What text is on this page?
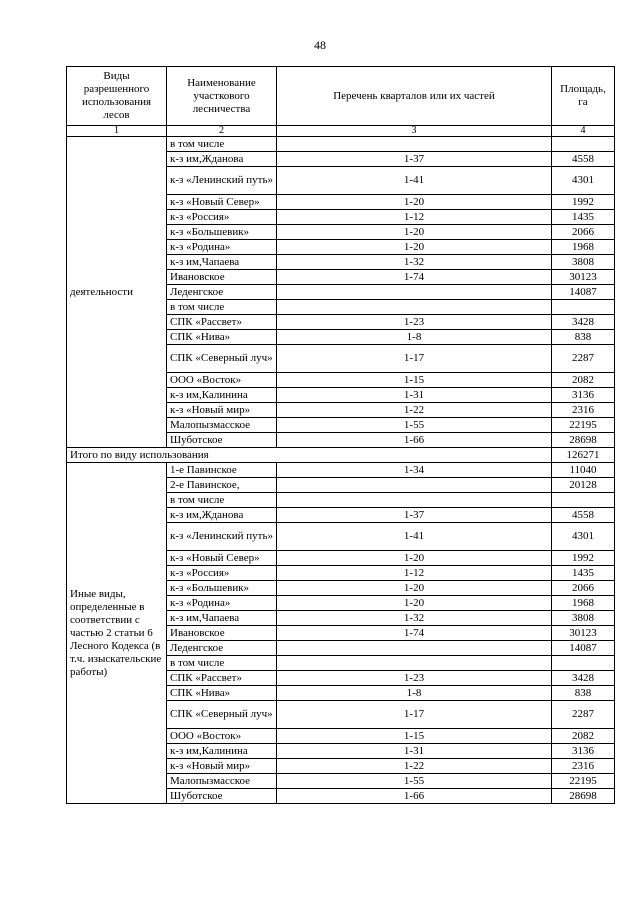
48
Виды разрешенного использования лесов	Наименование участкового лесничества	Перечень кварталов или их частей	Площадь, га
1	2	3	4
деятельности	в том числе		
	к-з им,Жданова	1-37	4558
	к-з «Ленинский путь»	1-41	4301
	к-з «Новый Север»	1-20	1992
	к-з «Россия»	1-12	1435
	к-з «Большевик»	1-20	2066
	к-з «Родина»	1-20	1968
	к-з им,Чапаева	1-32	3808
	Ивановское	1-74	30123
	Леденгское		14087
	в том числе		
	СПК «Рассвет»	1-23	3428
	СПК «Нива»	1-8	838
	СПК «Северный луч»	1-17	2287
	ООО «Восток»	1-15	2082
	к-з им,Калинина	1-31	3136
	к-з «Новый мир»	1-22	2316
	Малопызмасское	1-55	22195
	Шуботское	1-66	28698
Итого по виду использования			126271
Иные виды, определенные в соответствии с частью 2 статьи 6 Лесного Кодекса (в т.ч. изыскательские работы)	1-е Павинское	1-34	11040
	2-е Павинское,		20128
	в том числе		
	к-з им,Жданова	1-37	4558
	к-з «Ленинский путь»	1-41	4301
	к-з «Новый Север»	1-20	1992
	к-з «Россия»	1-12	1435
	к-з «Большевик»	1-20	2066
	к-з «Родина»	1-20	1968
	к-з им,Чапаева	1-32	3808
	Ивановское	1-74	30123
	Леденгское		14087
	в том числе		
	СПК «Рассвет»	1-23	3428
	СПК «Нива»	1-8	838
	СПК «Северный луч»	1-17	2287
	ООО «Восток»	1-15	2082
	к-з им,Калинина	1-31	3136
	к-з «Новый мир»	1-22	2316
	Малопызмасское	1-55	22195
	Шуботское	1-66	28698
